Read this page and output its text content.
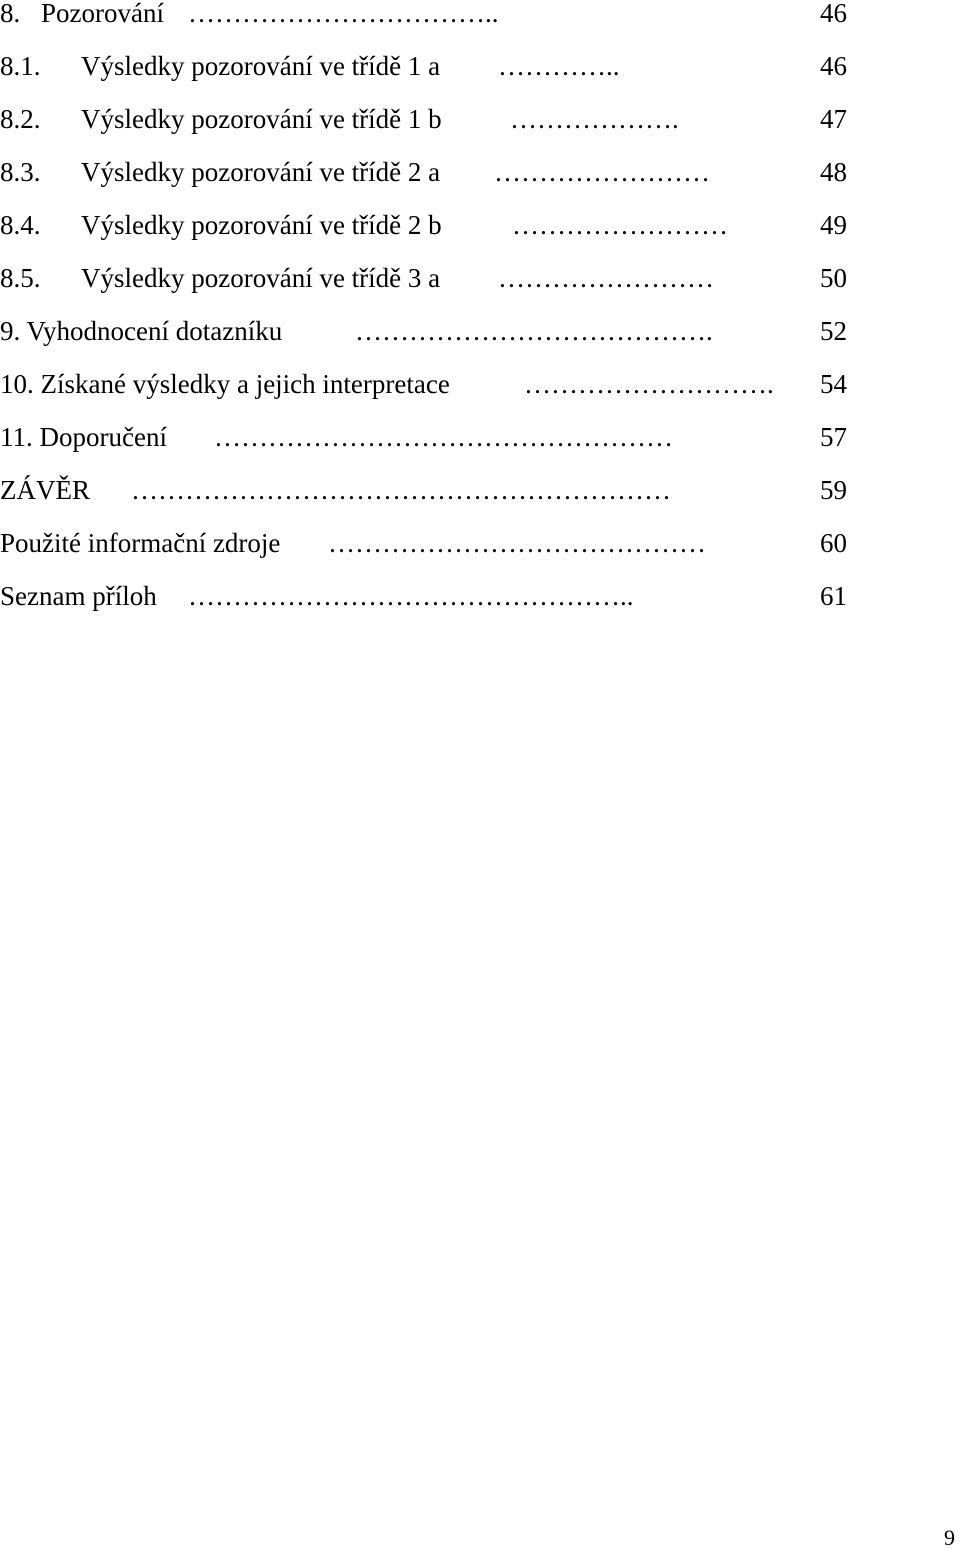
8. Pozorování ……………………………..	46
8.1. Výsledky pozorování ve třídě 1 a …………..	46
8.2. Výsledky pozorování ve třídě 1 b	……………….	47
8.3. Výsledky pozorování ve třídě 2 a ……………………	48
8.4. Výsledky pozorování ve třídě 2 b	……………………	49
8.5. Výsledky pozorování ve třídě 3 a ……………………	50
9. Vyhodnocení dotazníku	………………………………….	52
10. Získané výsledky a jejich interpretace	………………………. 54
11. Doporučení ……………………………………………	57
ZÁVĚR ……………………………………………………	59
Použité informační zdroje ……………………………………	60
Seznam příloh …………………………………………..	61
9
